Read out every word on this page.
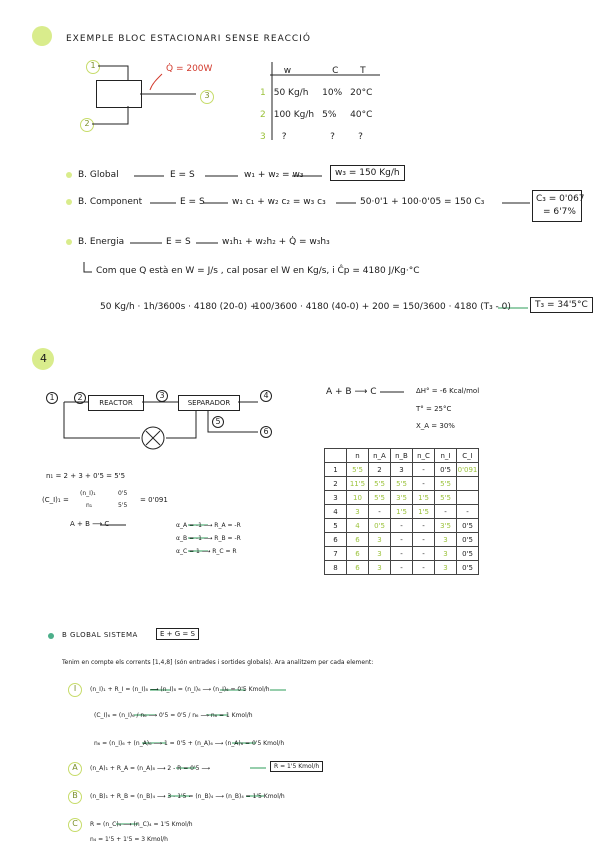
EXEMPLE BLOC ESTACIONARI SENSE REACCIÓ
1
2
3
Q̇ = 200W
		w	C	T
1	50 Kg/h	10%	20°C
2	100 Kg/h	5%	40°C
3	?	?	?
B. Global	E = S	w₁ + w₂ = w₃	w₃ = 150 Kg/h
B. Component	E = S	w₁ c₁ + w₂ c₂ = w₃ c₃	50·0'1 + 100·0'05 = 150 C₃	C₃ = 0'067
= 6'7%
B. Energia	E = S	w₁h₁ + w₂h₂ + Q̇ = w₃h₃
Com que Q està en W = J/s , cal posar el W en Kg/s, i Ĉp = 4180 J/Kg·°C
50 Kg/h · 1h/3600s · 4180 (20-0) +
100/3600 · 4180 (40-0) + 200 = 150/3600 · 4180 (T₃ - 0)	T₃ = 34'5°C
4
REACTOR	SEPARADOR
1	2	3	4
5
6
A + B ⟶ C	ΔH° = -6 Kcal/mol
T° = 25°C
X_A = 30%
n₁ = 2 + 3 + 0'5 = 5'5
(C_I)₁ =
(n_I)₁
n₁
0'5
5'5
= 0'091
A + B ⟶ C	α_A = -1 ⟶ R_A = -R
α_B = -1 ⟶ R_B = -R
α_C = 1 ⟶ R_C = R
	n	n_A	n_B	n_C	n_I	C_I
1	5'5	2	3	-	0'5	0'091
2	11'5	5'5	5'5	-	5'5	
3	10	5'5	3'5	1'5	5'5	
4	3	-	1'5	1'5	-	-
5	4	0'5	-	-	3'5	0'5
6	6	3	-	-	3	0'5
7	6	3	-	-	3	0'5
8	6	3	-	-	3	0'5
B GLOBAL SISTEMA	E + G = S
Tenim en compte els corrents [1,4,8] (són entrades i sortides globals). Ara analitzem per cada element:
I	(n_I)₁ + R_I = (n_I)₈ ⟶ (n_I)₈ = (n_I)₆ ⟶ (n_I)₆ = 0'5 Kmol/h
(C_I)₆ = (n_I)₆ / n₆ ⟶ 0'5 = 0'5 / n₆ ⟶ n₆ = 1 Kmol/h
n₆ = (n_I)₆ + (n_A)₆ ⟶ 1 = 0'5 + (n_A)₆ ⟶ (n_A)₆ = 0'5 Kmol/h
A	(n_A)₁ + R_A = (n_A)₈ ⟶ 2 - R = 0'5 ⟶	R = 1'5 Kmol/h
B	(n_B)₁ + R_B = (n_B)₄ ⟶ 3 - 1'5 = (n_B)₄ ⟶ (n_B)₄ = 1'5 Kmol/h
C	R = (n_C)₄ ⟶ (n_C)₄ = 1'5 Kmol/h
n₄ = 1'5 + 1'5 = 3 Kmol/h
